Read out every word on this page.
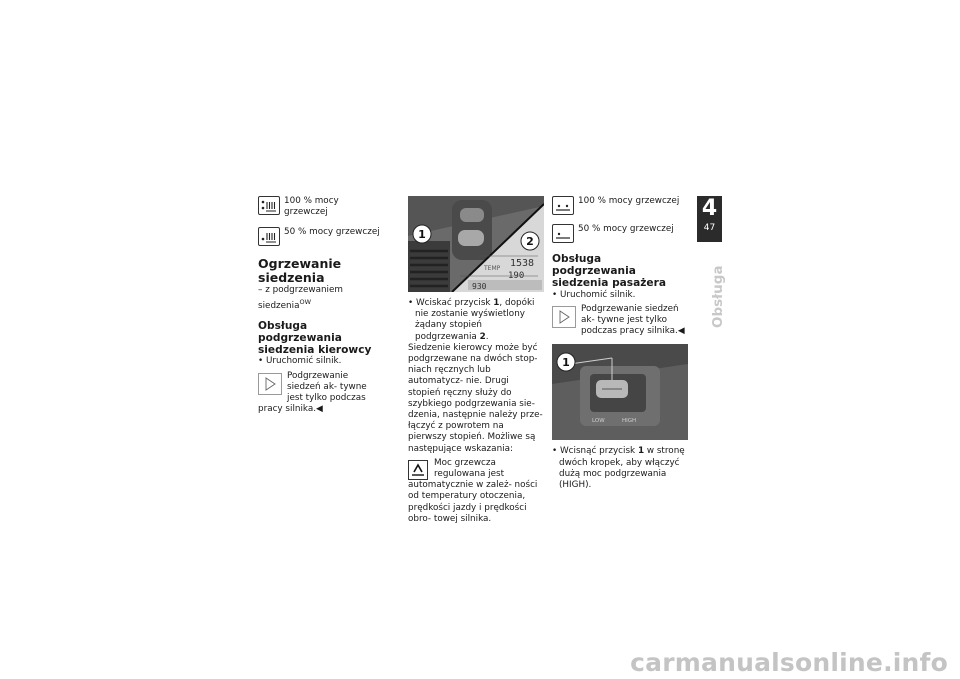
100 % mocy grzewczej
50 % mocy grzewczej
Ogrzewanie siedzenia
– z podgrzewaniem siedzenia$^{OW}$
Obsługa podgrzewania siedzenia kierowcy
• Uruchomić silnik.
Podgrzewanie siedzeń ak- tywne jest tylko podczas pracy silnika.◀
1
2
1538
TEMP
190
930
• Wciskać przycisk 1, dopóki nie zostanie wyświetlony żądany stopień podgrzewania 2.
Siedzenie kierowcy może być podgrzewane na dwóch stop- niach ręcznych lub automatycz- nie. Drugi stopień ręczny służy do szybkiego podgrzewania sie- dzenia, następnie należy prze- łączyć z powrotem na pierwszy stopień. Możliwe są następujące wskazania:
Moc grzewcza regulowana jest automatycznie w zależ- ności od temperatury otoczenia, prędkości jazdy i prędkości obro- towej silnika.
100 % mocy grzewczej
50 % mocy grzewczej
Obsługa podgrzewania siedzenia pasażera
• Uruchomić silnik.
Podgrzewanie siedzeń ak- tywne jest tylko podczas pracy silnika.◀
1
LOW	HIGH
• Wcisnąć przycisk 1 w stronę dwóch kropek, aby włączyć dużą moc podgrzewania (HIGH).
4
47
Obsługa
carmanualsonline.info
